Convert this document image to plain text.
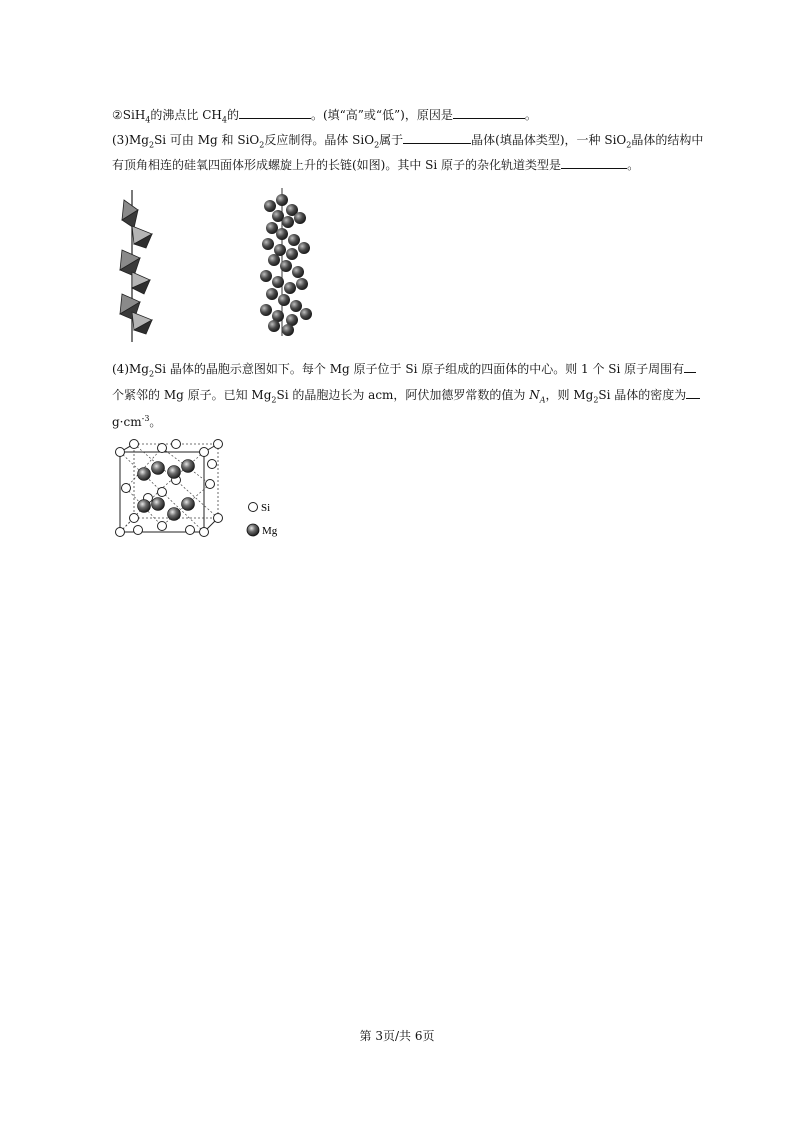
②SiH$_4$的沸点比 $CH_4$的	。(填“高”或“低”)，原因是	。
$(3)Mg_2Si$ 可由 Mg 和 SiO$_2$反应制得。晶体 SiO$_2$属于	晶体(填晶体类型)，一种 SiO$_2$晶体的结构中
有顶角相连的硅氧四面体形成螺旋上升的长链(如图)。其中 Si 原子的杂化轨道类型是	。
$(4)Mg_2Si$ 晶体的晶胞示意图如下。每个 Mg 原子位于 Si 原子组成的四面体的中心。则 1 个 Si 原子周围有
个紧邻的 Mg 原子。已知 $Mg_2Si$ 的晶胞边长为 acm，阿伏加德罗常数的值为 $N_A$，则 $Mg_2Si$ 晶体的密度为
$g\cdot cm^{-3}$。
Si
Mg
第 3页/共 6页
